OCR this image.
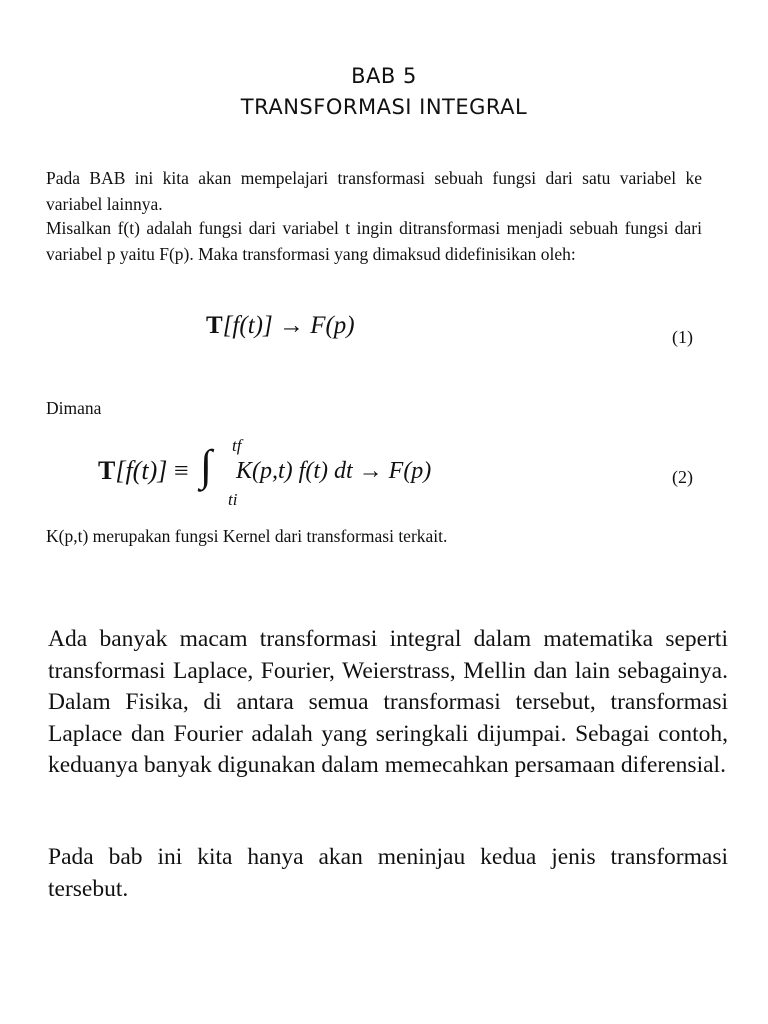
BAB 5
TRANSFORMASI INTEGRAL

Pada BAB ini kita akan mempelajari transformasi sebuah fungsi dari satu variabel ke variabel lainnya.

Misalkan f(t) adalah fungsi dari variabel t ingin ditransformasi menjadi sebuah fungsi dari variabel p yaitu F(p). Maka transformasi yang dimaksud didefinisikan oleh:

T[f(t)] → F(p)	(1)
Dimana
T[f(t)] ≡ ∫ tf
ti
K(p,t) f(t) dt → F(p)	(2)
K(p,t) merupakan fungsi Kernel dari transformasi terkait.

Ada banyak macam transformasi integral dalam matematika seperti transformasi Laplace, Fourier, Weierstrass, Mellin dan lain sebagainya. Dalam Fisika, di antara semua transformasi tersebut, transformasi Laplace dan Fourier adalah yang seringkali dijumpai. Sebagai contoh, keduanya banyak digunakan dalam memecahkan persamaan diferensial.

Pada bab ini kita hanya akan meninjau kedua jenis transformasi tersebut.
